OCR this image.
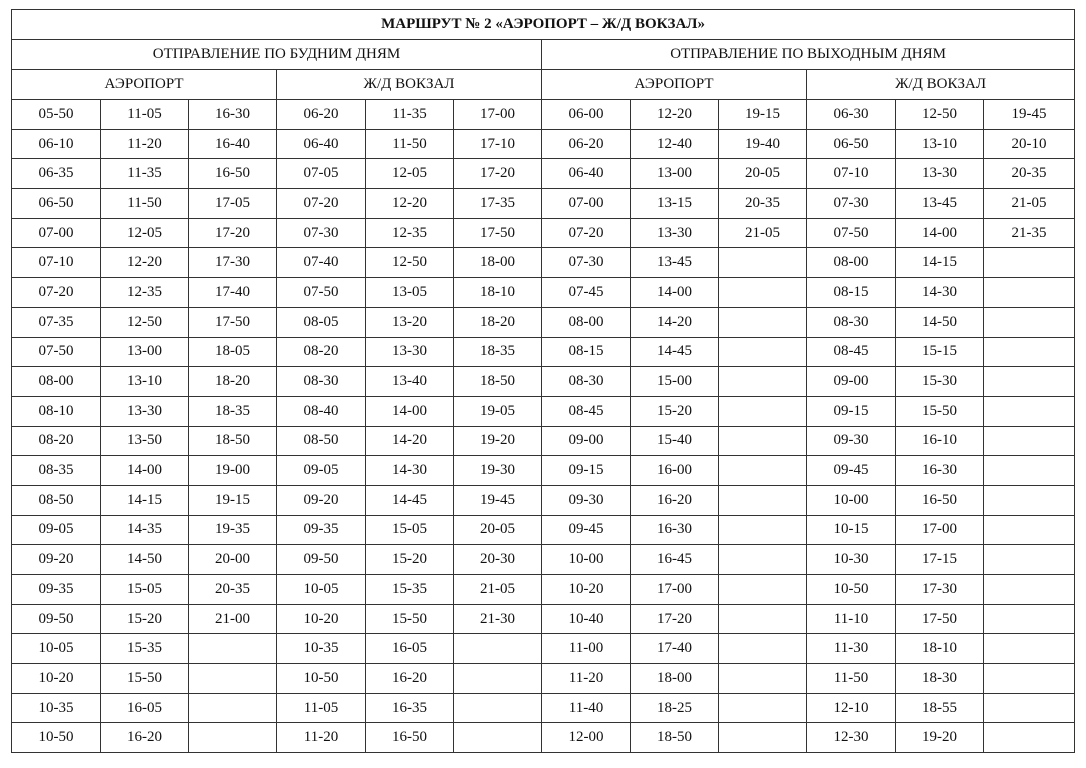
МАРШРУТ № 2 «АЭРОПОРТ – Ж/Д ВОКЗАЛ»											
ОТПРАВЛЕНИЕ ПО БУДНИМ ДНЯМ						ОТПРАВЛЕНИЕ ПО ВЫХОДНЫМ ДНЯМ					
АЭРОПОРТ			Ж/Д ВОКЗАЛ			АЭРОПОРТ			Ж/Д ВОКЗАЛ		
05-50	11-05	16-30	06-20	11-35	17-00	06-00	12-20	19-15	06-30	12-50	19-45
06-10	11-20	16-40	06-40	11-50	17-10	06-20	12-40	19-40	06-50	13-10	20-10
06-35	11-35	16-50	07-05	12-05	17-20	06-40	13-00	20-05	07-10	13-30	20-35
06-50	11-50	17-05	07-20	12-20	17-35	07-00	13-15	20-35	07-30	13-45	21-05
07-00	12-05	17-20	07-30	12-35	17-50	07-20	13-30	21-05	07-50	14-00	21-35
07-10	12-20	17-30	07-40	12-50	18-00	07-30	13-45		08-00	14-15	
07-20	12-35	17-40	07-50	13-05	18-10	07-45	14-00		08-15	14-30	
07-35	12-50	17-50	08-05	13-20	18-20	08-00	14-20		08-30	14-50	
07-50	13-00	18-05	08-20	13-30	18-35	08-15	14-45		08-45	15-15	
08-00	13-10	18-20	08-30	13-40	18-50	08-30	15-00		09-00	15-30	
08-10	13-30	18-35	08-40	14-00	19-05	08-45	15-20		09-15	15-50	
08-20	13-50	18-50	08-50	14-20	19-20	09-00	15-40		09-30	16-10	
08-35	14-00	19-00	09-05	14-30	19-30	09-15	16-00		09-45	16-30	
08-50	14-15	19-15	09-20	14-45	19-45	09-30	16-20		10-00	16-50	
09-05	14-35	19-35	09-35	15-05	20-05	09-45	16-30		10-15	17-00	
09-20	14-50	20-00	09-50	15-20	20-30	10-00	16-45		10-30	17-15	
09-35	15-05	20-35	10-05	15-35	21-05	10-20	17-00		10-50	17-30	
09-50	15-20	21-00	10-20	15-50	21-30	10-40	17-20		11-10	17-50	
10-05	15-35		10-35	16-05		11-00	17-40		11-30	18-10	
10-20	15-50		10-50	16-20		11-20	18-00		11-50	18-30	
10-35	16-05		11-05	16-35		11-40	18-25		12-10	18-55	
10-50	16-20		11-20	16-50		12-00	18-50		12-30	19-20	
